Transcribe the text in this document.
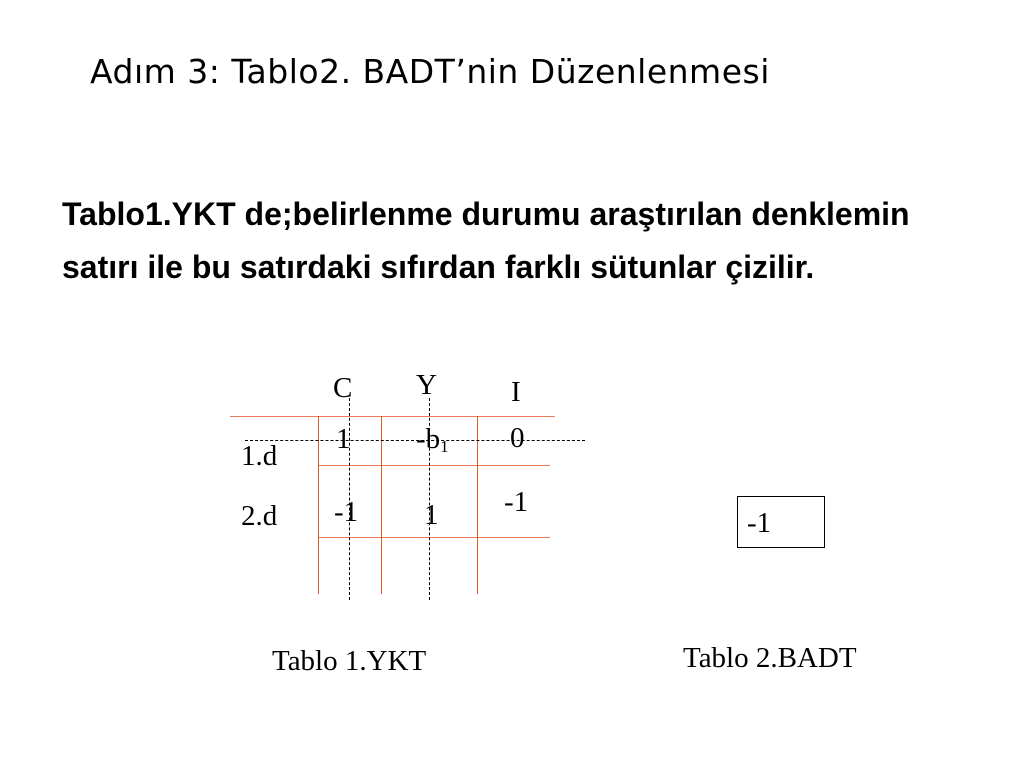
Adım 3: Tablo2. BADT’nin Düzenlenmesi
Tablo1.YKT de;belirlenme durumu araştırılan denklemin satırı ile bu satırdaki sıfırdan farklı sütunlar çizilir.
C Y	I
1.d
2.d
1 $-b_1$ 0
-1 1 -1
Tablo 1.YKT
-1
Tablo 2.BADT
